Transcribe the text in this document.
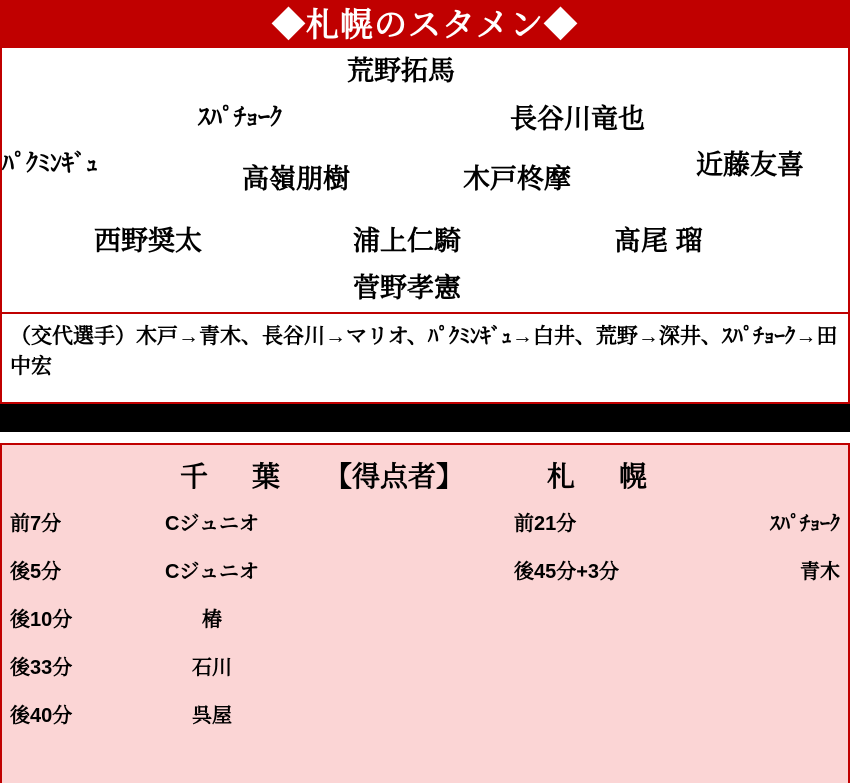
◆札幌のスタメン◆
荒野拓馬
ｽﾊﾟﾁｮｰｸ	長谷川竜也
ﾊﾟｸﾐﾝｷﾞｭ	近藤友喜
高嶺朋樹	木戸柊摩
西野奨太	浦上仁騎	髙尾 瑠
菅野孝憲
（交代選手）木戸→青木、長谷川→マリオ、ﾊﾟｸﾐﾝｷﾞｭ→白井、荒野→深井、ｽﾊﾟﾁｮｰｸ→田中宏
千　葉 【得点者】	札　幌
前7分	Cジュニオ	前21分	ｽﾊﾟﾁｮｰｸ
後5分	Cジュニオ	後45分+3分	青木
後10分	椿
後33分	石川
後40分	呉屋
